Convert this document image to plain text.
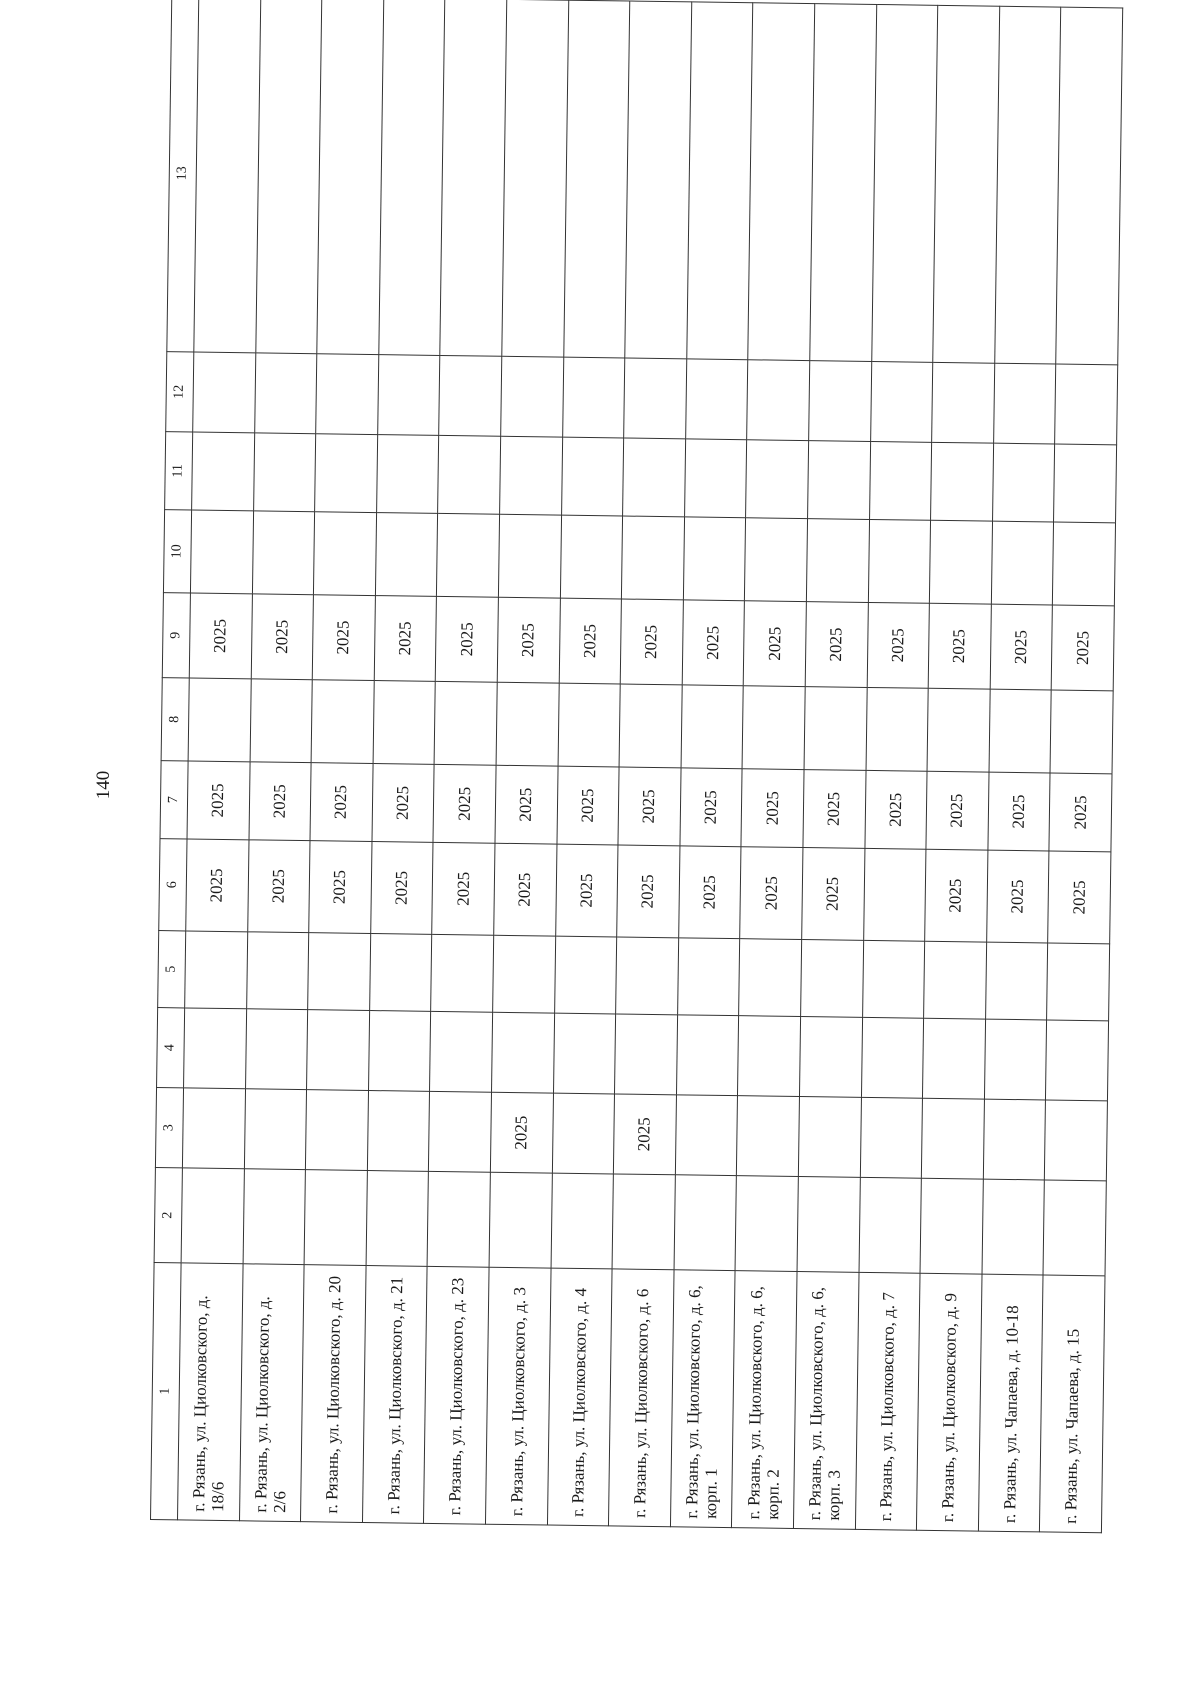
140
1	2	3	4	5	6	7	8	9	10	11	12	13
г. Рязань, ул. Циолковского, д. 18/6					2025	2025		2025				
г. Рязань, ул. Циолковского, д. 2/6					2025	2025		2025				
г. Рязань, ул. Циолковского, д. 20					2025	2025		2025				
г. Рязань, ул. Циолковского, д. 21					2025	2025		2025				
г. Рязань, ул. Циолковского, д. 23					2025	2025		2025				
г. Рязань, ул. Циолковского, д. 3		2025			2025	2025		2025				
г. Рязань, ул. Циолковского, д. 4					2025	2025		2025				
г. Рязань, ул. Циолковского, д. 6		2025			2025	2025		2025				
г. Рязань, ул. Циолковского, д. 6, корп. 1					2025	2025		2025				
г. Рязань, ул. Циолковского, д. 6, корп. 2					2025	2025		2025				
г. Рязань, ул. Циолковского, д. 6, корп. 3					2025	2025		2025				
г. Рязань, ул. Циолковского, д. 7						2025		2025				
г. Рязань, ул. Циолковского, д. 9					2025	2025		2025				
г. Рязань, ул. Чапаева, д. 10-18					2025	2025		2025				
г. Рязань, ул. Чапаева, д. 15					2025	2025		2025				
